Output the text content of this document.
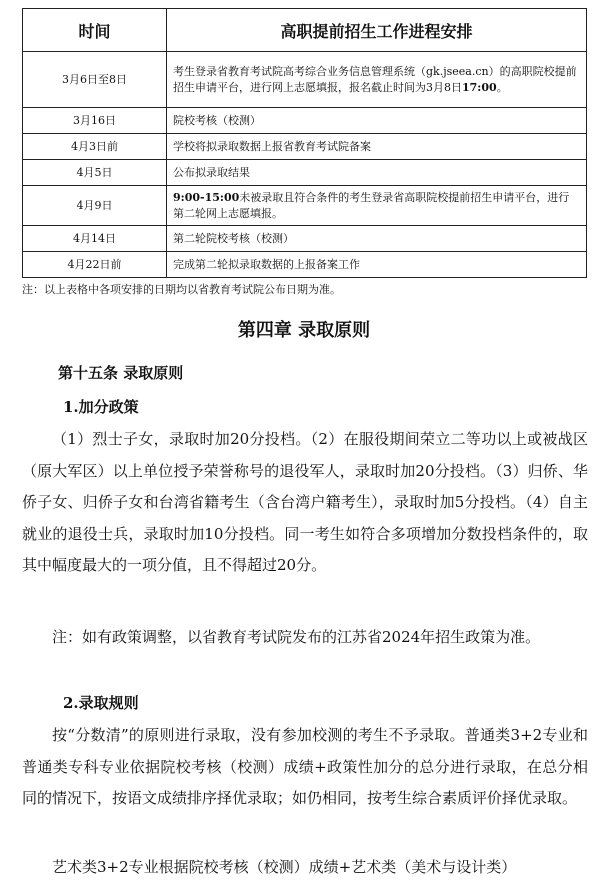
时间	高职提前招生工作进程安排
3月6日至8日	考生登录省教育考试院高考综合业务信息管理系统（gk.jseea.cn）的高职院校提前招生申请平台，进行网上志愿填报，报名截止时间为3月8日17:00。
3月16日	院校考核（校测）
4月3日前	学校将拟录取数据上报省教育考试院备案
4月5日	公布拟录取结果
4月9日	9:00-15:00未被录取且符合条件的考生登录省高职院校提前招生申请平台，进行第二轮网上志愿填报。
4月14日	第二轮院校考核（校测）
4月22日前	完成第二轮拟录取数据的上报备案工作
注：以上表格中各项安排的日期均以省教育考试院公布日期为准。
第四章 录取原则
第十五条 录取原则
1.加分政策
（1）烈士子女，录取时加20分投档。（2）在服役期间荣立二等功以上或被战区（原大军区）以上单位授予荣誉称号的退役军人，录取时加20分投档。（3）归侨、华侨子女、归侨子女和台湾省籍考生（含台湾户籍考生），录取时加5分投档。（4）自主就业的退役士兵，录取时加10分投档。同一考生如符合多项增加分数投档条件的，取其中幅度最大的一项分值，且不得超过20分。
注：如有政策调整，以省教育考试院发布的江苏省2024年招生政策为准。
2.录取规则
按“分数清”的原则进行录取，没有参加校测的考生不予录取。普通类3+2专业和普通类专科专业依据院校考核（校测）成绩+政策性加分的总分进行录取，在总分相同的情况下，按语文成绩排序择优录取；如仍相同，按考生综合素质评价择优录取。
艺术类3+2专业根据院校考核（校测）成绩+艺术类（美术与设计类）
